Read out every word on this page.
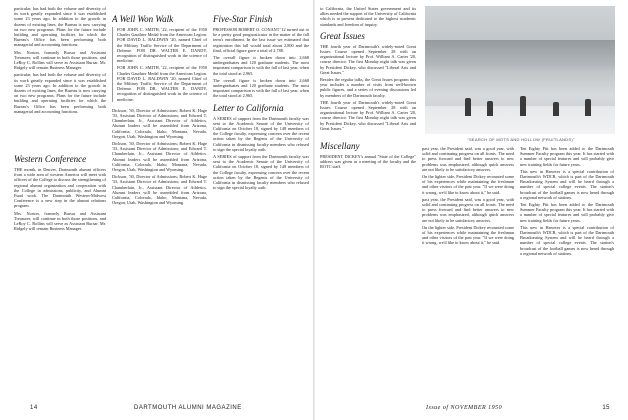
particular, has had both the volume and diversity of its work greatly expanded since it was established some 23 years ago. In addition to the growth in dozens of existing lines, the Bureau is now carrying on two new programs. Plans for the future include building and operating facilities for which the Bureau's Office has been performing both managerial and accounting functions.

Mrs. Norton, formerly Bursar and Assistant Treasurer, will continue in both those positions, and LeRoy C. Rollins will serve as Assistant Bursar. Mr. Ridgely will remain Business Manager.

particular, has had both the volume and diversity of its work greatly expanded since it was established some 23 years ago. In addition to the growth in dozens of existing lines, the Bureau is now carrying on two new programs. Plans for the future include building and operating facilities for which the Bureau's Office has been performing both managerial and accounting functions.

Western Conference

THE month, in Denver, Dartmouth alumni officers from a wide area of western America will meet with officers of the College to discuss the strengthening of regional alumni organization and cooperation with the College in admissions, publicity, and Alumni Fund work. The Dartmouth Western-Midwest Conference is a new step in the alumni relations program.

Mrs. Norton, formerly Bursar and Assistant Treasurer, will continue in both those positions, and LeRoy C. Rollins will serve as Assistant Bursar. Mr. Ridgely will remain Business Manager.

A Well Won Walk

FOR JOHN C. SMITH, '22, recipient of the 1950 Charles Gauthier Medal from the American Legion. FOR DAVID L. BALDWIN '20, named Chief of the Military Traffic Service of the Department of Defense. FOR DR. WALTER E. DANDY, recognition of distinguished work in the science of medicine.

FOR JOHN C. SMITH, '22, recipient of the 1950 Charles Gauthier Medal from the American Legion. FOR DAVID L. BALDWIN '20, named Chief of the Military Traffic Service of the Department of Defense. FOR DR. WALTER E. DANDY, recognition of distinguished work in the science of medicine.

Dickson, '30, Director of Admissions; Robert K. Hage '33, Assistant Director of Admissions; and Edward T. Chamberlain, Jr., Assistant Director of Athletics. Alumni leaders will be assembled from Arizona, California, Colorado, Idaho, Montana, Nevada, Oregon, Utah, Washington and Wyoming.

Dickson, '30, Director of Admissions; Robert K. Hage '33, Assistant Director of Admissions; and Edward T. Chamberlain, Jr., Assistant Director of Athletics. Alumni leaders will be assembled from Arizona, California, Colorado, Idaho, Montana, Nevada, Oregon, Utah, Washington and Wyoming.

Dickson, '30, Director of Admissions; Robert K. Hage '33, Assistant Director of Admissions; and Edward T. Chamberlain, Jr., Assistant Director of Athletics. Alumni leaders will be assembled from Arizona, California, Colorado, Idaho, Montana, Nevada, Oregon, Utah, Washington and Wyoming.

Five-Star Finish

PROFESSOR ROBERT O. CONANT '12 turned out to be a pretty good prognosticator in the matter of the fall term's enrollment. In the last issue we estimated that registration this fall would total about 2,800 and the final, official figure gave a total of 2,788.

The overall figure is broken down into 2,668 undergraduates and 120 graduate students. The most important comparison is with the fall of last year, when the total stood at 2,965.

The overall figure is broken down into 2,668 undergraduates and 120 graduate students. The most important comparison is with the fall of last year, when the total stood at 2,965.

Letter to California

A SERIES of support from the Dartmouth faculty was sent to the Academic Senate of the University of California on October 18, signed by 148 members of the College faculty, expressing concern over the recent action taken by the Regents of the University of California in dismissing faculty members who refused to sign the special loyalty oath.

A SERIES of support from the Dartmouth faculty was sent to the Academic Senate of the University of California on October 18, signed by 148 members of the College faculty, expressing concern over the recent action taken by the Regents of the University of California in dismissing faculty members who refused to sign the special loyalty oath.

to California, the United States government and its allies needed the support of the University of California which is at present dedicated to the highest academic standards and freedom of inquiry.

Great Issues

THE fourth year of Dartmouth's widely-noted Great Issues Course opened September 28 with an organizational lecture by Prof. William A. Carter '20, course director. The first Monday night talk was given by President Dickey, who discussed "Liberal Arts and Great Issues."

Besides the regular talks, the Great Issues program this year includes a number of visits from well-known public figures, and a series of evening discussions led by members of the Dartmouth faculty.

THE fourth year of Dartmouth's widely-noted Great Issues Course opened September 28 with an organizational lecture by Prof. William A. Carter '20, course director. The first Monday night talk was given by President Dickey, who discussed "Liberal Arts and Great Issues."

Miscellany

PRESIDENT DICKEY's annual "State of the College" address was given as a meeting of the faculty and the ROTC staff.

"SEARCH OF MOTS AND HOLLOW (FRUITLANDS)"

past year, the President said, was a good year, with solid and continuing progress on all fronts. The need to press forward and find better answers to new problems was emphasized, although quick answers are not likely to be satisfactory answers.

On the lighter side, President Dickey recounted some of his experiences while maintaining the freshman and other visitors of the past year. "If we were doing it wrong, we'd like to know about it," he said.

past year, the President said, was a good year, with solid and continuing progress on all fronts. The need to press forward and find better answers to new problems was emphasized, although quick answers are not likely to be satisfactory answers.

On the lighter side, President Dickey recounted some of his experiences while maintaining the freshman and other visitors of the past year. "If we were doing it wrong, we'd like to know about it," he said.

Ten Eighty Pitt has been added to the Dartmouth Summer Faculty program this year. It has started with a number of special features and will probably give new training fields for future years.

This new in Hanover is a special contribution of Dartmouth's WDCR, which is part of the Dartmouth Broadcasting System and will be heard through a number of special college events. The station's broadcast of the football games is now heard through a regional network of stations.

Ten Eighty Pitt has been added to the Dartmouth Summer Faculty program this year. It has started with a number of special features and will probably give new training fields for future years.

This new in Hanover is a special contribution of Dartmouth's WDCR, which is part of the Dartmouth Broadcasting System and will be heard through a number of special college events. The station's broadcast of the football games is now heard through a regional network of stations.

14	DARTMOUTH ALUMNI MAGAZINE	Issue of NOVEMBER 1950	15
